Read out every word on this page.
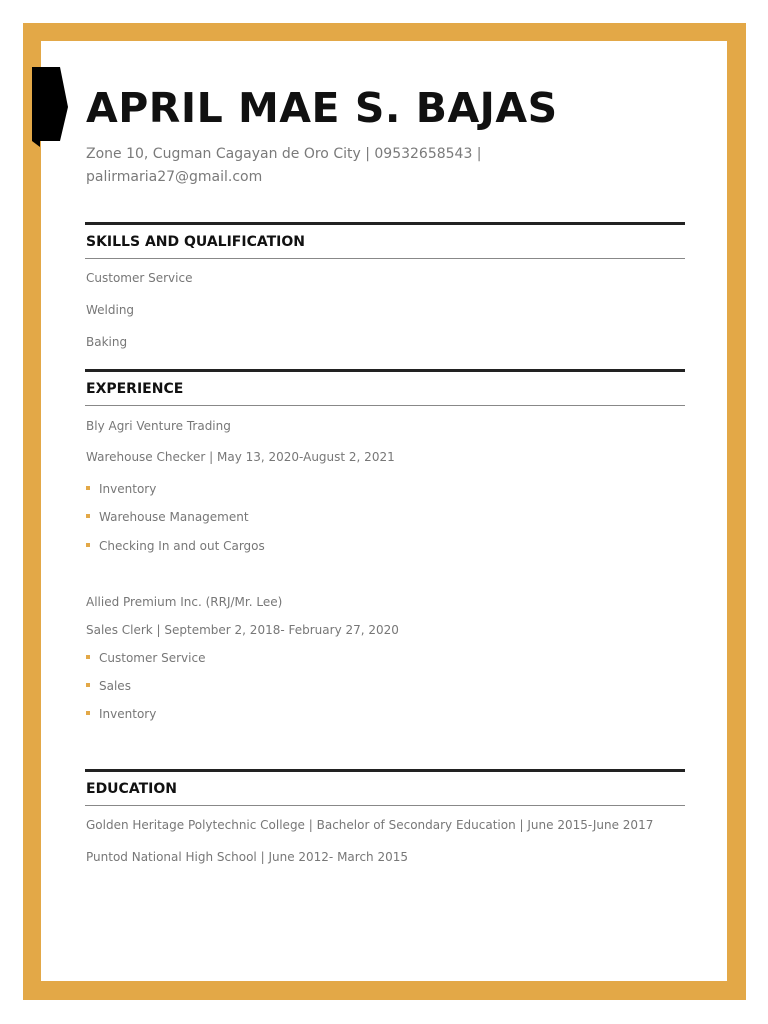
APRIL MAE S. BAJAS
Zone 10, Cugman Cagayan de Oro City | 09532658543 |
palirmaria27@gmail.com
SKILLS AND QUALIFICATION
Customer Service
Welding
Baking
EXPERIENCE
Bly Agri Venture Trading
Warehouse Checker | May 13, 2020-August 2, 2021
Inventory
Warehouse Management
Checking In and out Cargos
Allied Premium Inc. (RRJ/Mr. Lee)
Sales Clerk | September 2, 2018- February 27, 2020
Customer Service
Sales
Inventory
EDUCATION
Golden Heritage Polytechnic College | Bachelor of Secondary Education | June 2015-June 2017
Puntod National High School | June 2012- March 2015
